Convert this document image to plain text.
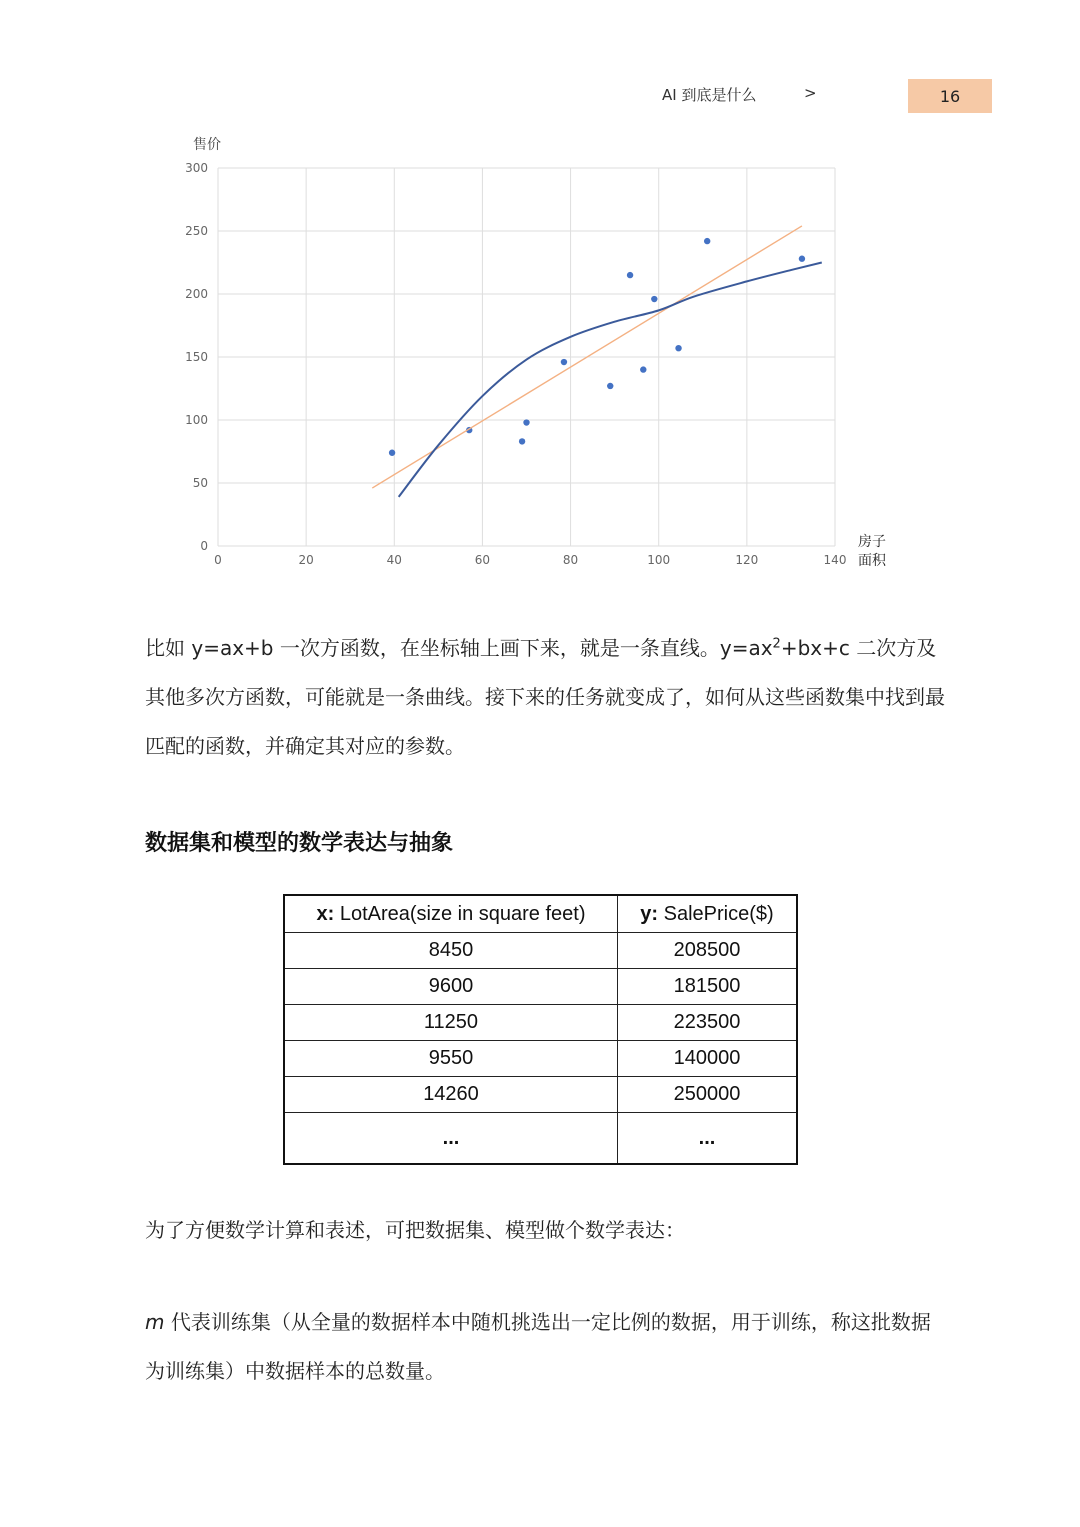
AI 到底是什么	>	16
0
50
100
150
200
250
300
0	20	40	60	80	100	120	140
售价
房子
面积

比如 y=ax+b 一次方函数，在坐标轴上画下来，就是一条直线。$y=ax^2+bx+c$ 二次方及其他多次方函数，可能就是一条曲线。接下来的任务就变成了，如何从这些函数集中找到最匹配的函数，并确定其对应的参数。

数据集和模型的数学表达与抽象
x: LotArea(size in square feet)	y: SalePrice($)
8450	208500
9600	181500
11250	223500
9550	140000
14260	250000
...	...

为了方便数学计算和表述，可把数据集、模型做个数学表达：

m 代表训练集（从全量的数据样本中随机挑选出一定比例的数据，用于训练，称这批数据为训练集）中数据样本的总数量。
